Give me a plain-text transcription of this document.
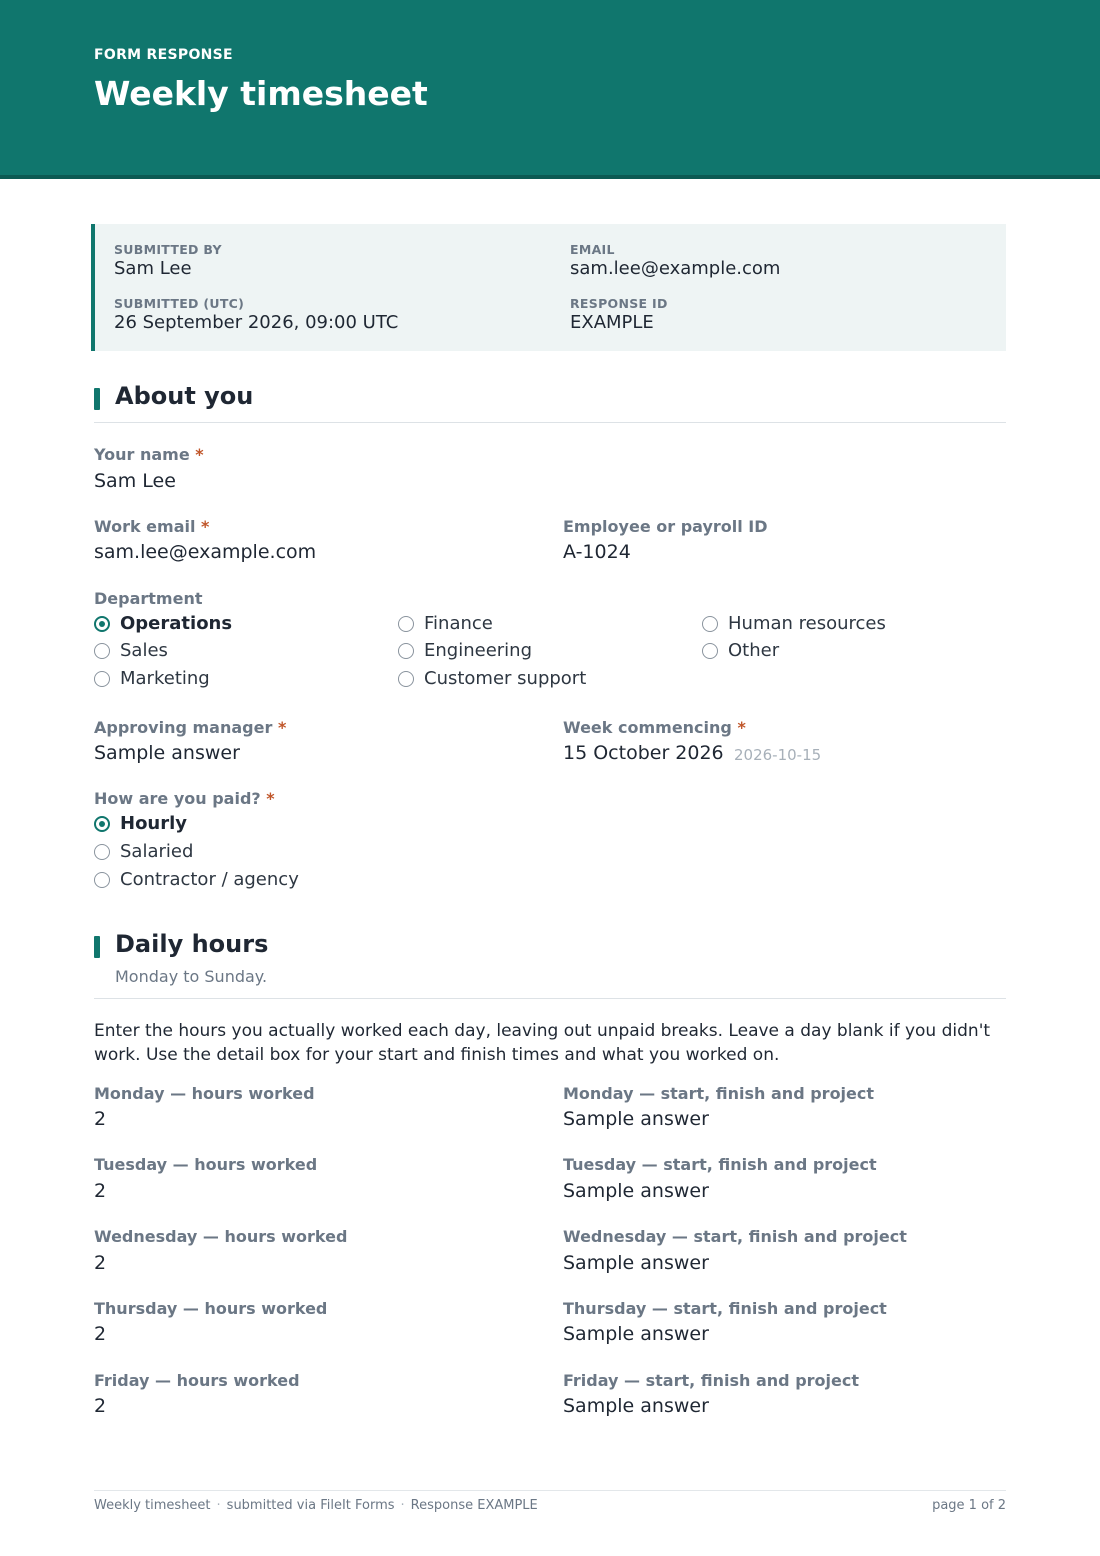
FORM RESPONSE
Weekly timesheet
SUBMITTED BY
Sam Lee
EMAIL
sam.lee@example.com
SUBMITTED (UTC)
26 September 2026, 09:00 UTC
RESPONSE ID
EXAMPLE
About you
Your name *
Sam Lee
Work email *
sam.lee@example.com
Employee or payroll ID
A-1024
Department
Operations
Sales
Marketing
Finance
Engineering
Customer support
Human resources
Other
Approving manager *
Sample answer
Week commencing *
15 October 2026 2026-10-15
How are you paid? *
Hourly
Salaried
Contractor / agency
Daily hours
Monday to Sunday.
Enter the hours you actually worked each day, leaving out unpaid breaks. Leave a day blank if you didn't work. Use the detail box for your start and finish times and what you worked on.
Monday — hours worked
2
Monday — start, finish and project
Sample answer
Tuesday — hours worked
2
Tuesday — start, finish and project
Sample answer
Wednesday — hours worked
2
Wednesday — start, finish and project
Sample answer
Thursday — hours worked
2
Thursday — start, finish and project
Sample answer
Friday — hours worked
2
Friday — start, finish and project
Sample answer
Weekly timesheet · submitted via FileIt Forms · Response EXAMPLE	page 1 of 2
